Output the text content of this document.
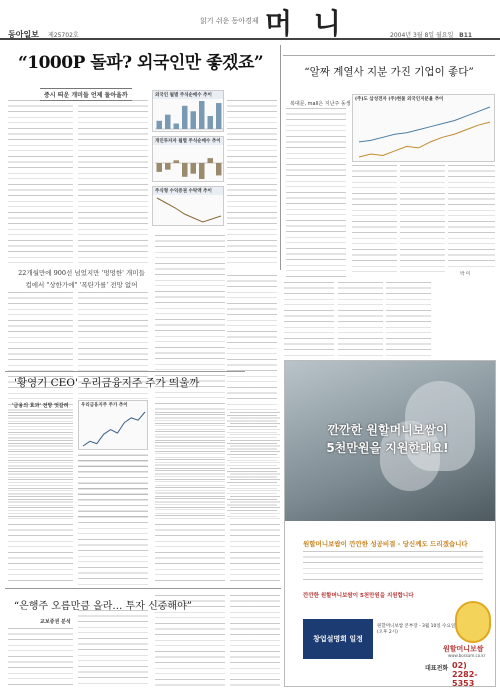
동아일보 제25702호
읽기 쉬운 동아경제 머 니	2004년 3월 8일 월요일 B11
“1000P 돌파? 외국인만 좋겠죠”
증시 띄운 개미들 언제 돌아올까	외국인 월별 주식순매수 추이
개인투자자 월별 주식순매수 추이
주식형 수익증권 수탁액 추이
22개월만에 900선 넘었지만 '멍멍한' 개미들
컵에서 "상한가에" '폭탄가를' 전망 없어
“알짜 계열사 지분 가진 기업이 좋다”
복대문, mall은 지난주 동생
(주)도 삼성전자 (주)현물 외국인지분율 추이
박 미
'황영기 CEO' 우리금융지주 주가 띄울까
'금융의 효과' 전망 엇갈려	우리금융지주 주가 추이
“은행주 오름만큼 올라… 투자 신중해야”
교보증권 분석
깐깐한 원할머니보쌈이
5천만원을 지원한대요!
원할머니보쌈이 깐깐한 성공비결 - 당신께도 드리겠습니다
깐깐한 원할머니보쌈이 5천만원을 지원합니다
창업설명회 일정
원할머니보쌈 본부장 - 3월 10일 수요일 (오후 2시)
원할머니보쌈
www.bossam.co.kr
대표전화 02) 2282-5353
